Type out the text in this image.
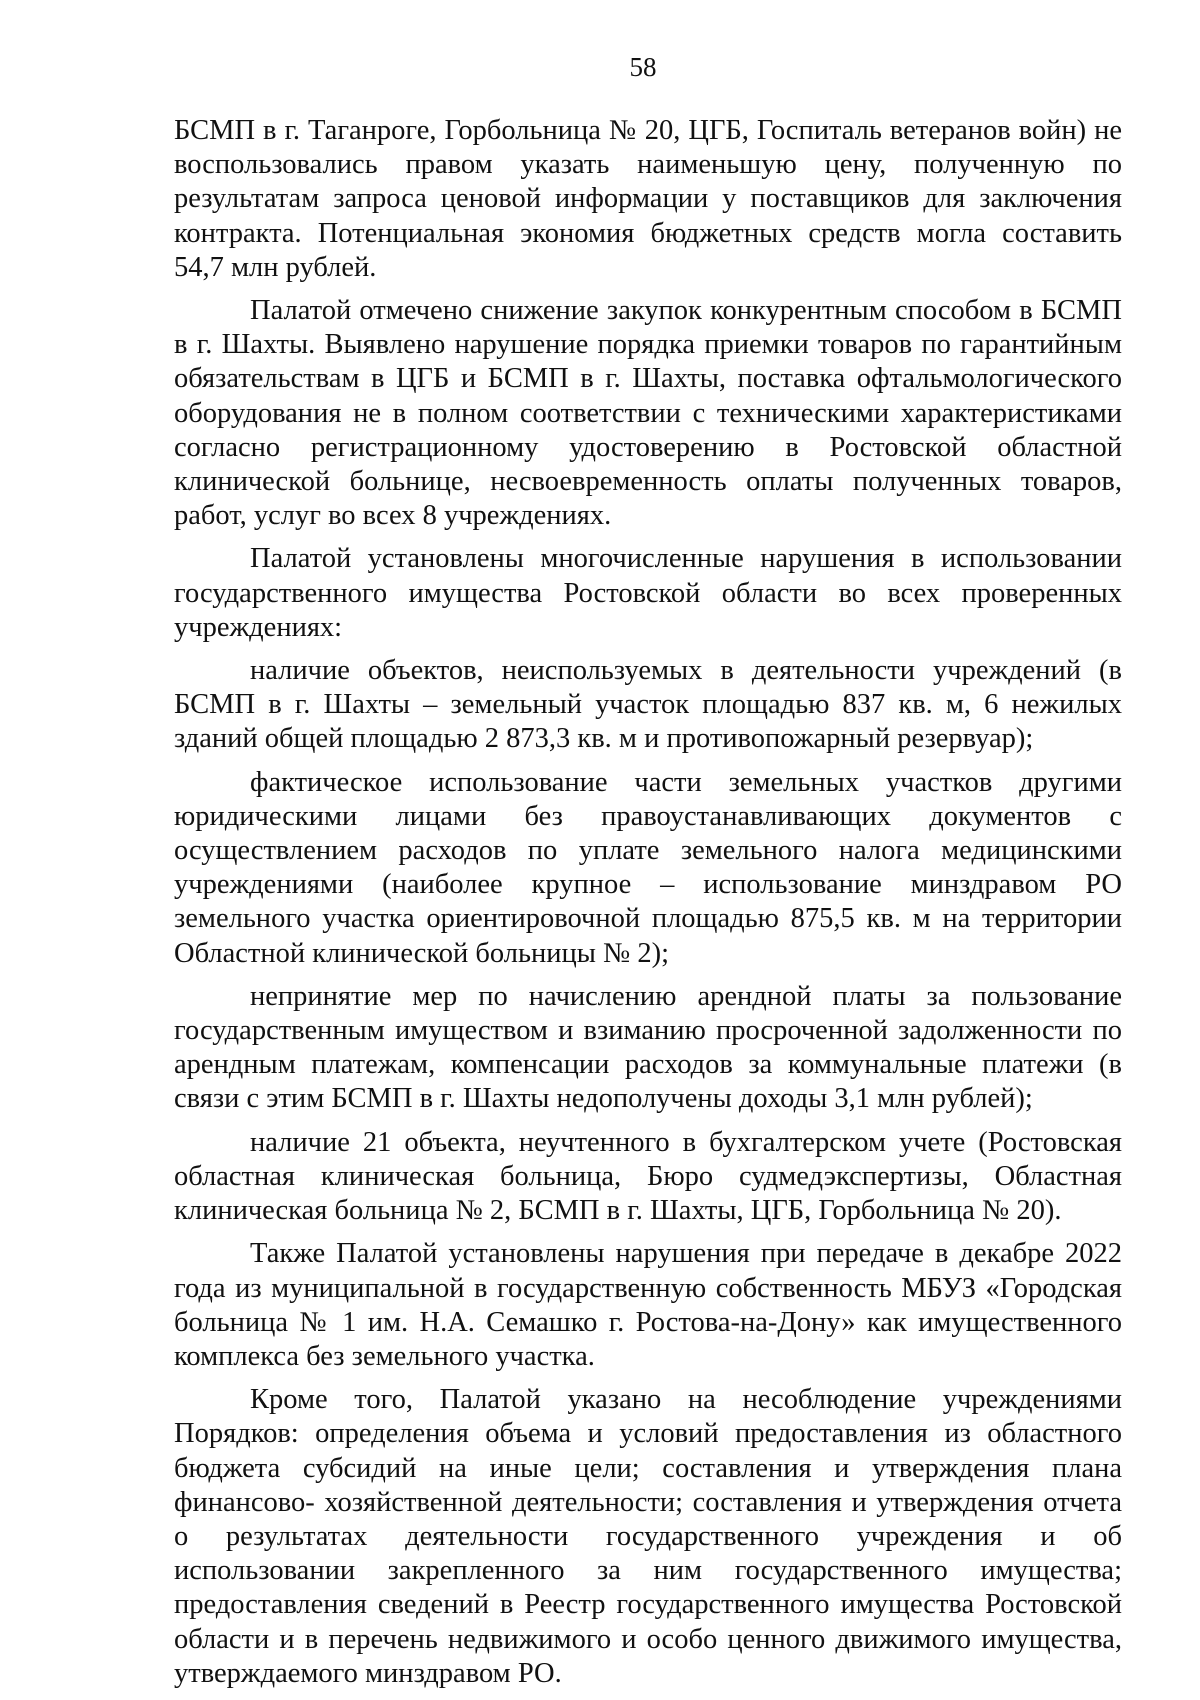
58

БСМП в г. Таганроге, Горбольница № 20, ЦГБ, Госпиталь ветеранов войн) не воспользовались правом указать наименьшую цену, полученную по результатам запроса ценовой информации у поставщиков для заключения контракта. Потенциальная экономия бюджетных средств могла составить 54,7 млн рублей.

Палатой отмечено снижение закупок конкурентным способом в БСМП в г. Шахты. Выявлено нарушение порядка приемки товаров по гарантийным обязательствам в ЦГБ и БСМП в г. Шахты, поставка офтальмологического оборудования не в полном соответствии с техническими характеристиками согласно регистрационному удостоверению в Ростовской областной клинической больнице, несвоевременность оплаты полученных товаров, работ, услуг во всех 8 учреждениях.

Палатой установлены многочисленные нарушения в использовании государственного имущества Ростовской области во всех проверенных учреждениях:

наличие объектов, неиспользуемых в деятельности учреждений (в БСМП в г. Шахты – земельный участок площадью 837 кв. м, 6 нежилых зданий общей площадью 2 873,3 кв. м и противопожарный резервуар);

фактическое использование части земельных участков другими юридическими лицами без правоустанавливающих документов с осуществлением расходов по уплате земельного налога медицинскими учреждениями (наиболее крупное – использование минздравом РО земельного участка ориентировочной площадью 875,5 кв. м на территории Областной клинической больницы № 2);

непринятие мер по начислению арендной платы за пользование государственным имуществом и взиманию просроченной задолженности по арендным платежам, компенсации расходов за коммунальные платежи (в связи с этим БСМП в г. Шахты недополучены доходы 3,1 млн рублей);

наличие 21 объекта, неучтенного в бухгалтерском учете (Ростовская областная клиническая больница, Бюро судмедэкспертизы, Областная клиническая больница № 2, БСМП в г. Шахты, ЦГБ, Горбольница № 20).

Также Палатой установлены нарушения при передаче в декабре 2022 года из муниципальной в государственную собственность МБУЗ «Городская больница № 1 им. Н.А. Семашко г. Ростова-на-Дону» как имущественного комплекса без земельного участка.

Кроме того, Палатой указано на несоблюдение учреждениями Порядков: определения объема и условий предоставления из областного бюджета субсидий на иные цели; составления и утверждения плана финансово- хозяйственной деятельности; составления и утверждения отчета о результатах деятельности государственного учреждения и об использовании закрепленного за ним государственного имущества; предоставления сведений в Реестр государственного имущества Ростовской области и в перечень недвижимого и особо ценного движимого имущества, утверждаемого минздравом РО.
